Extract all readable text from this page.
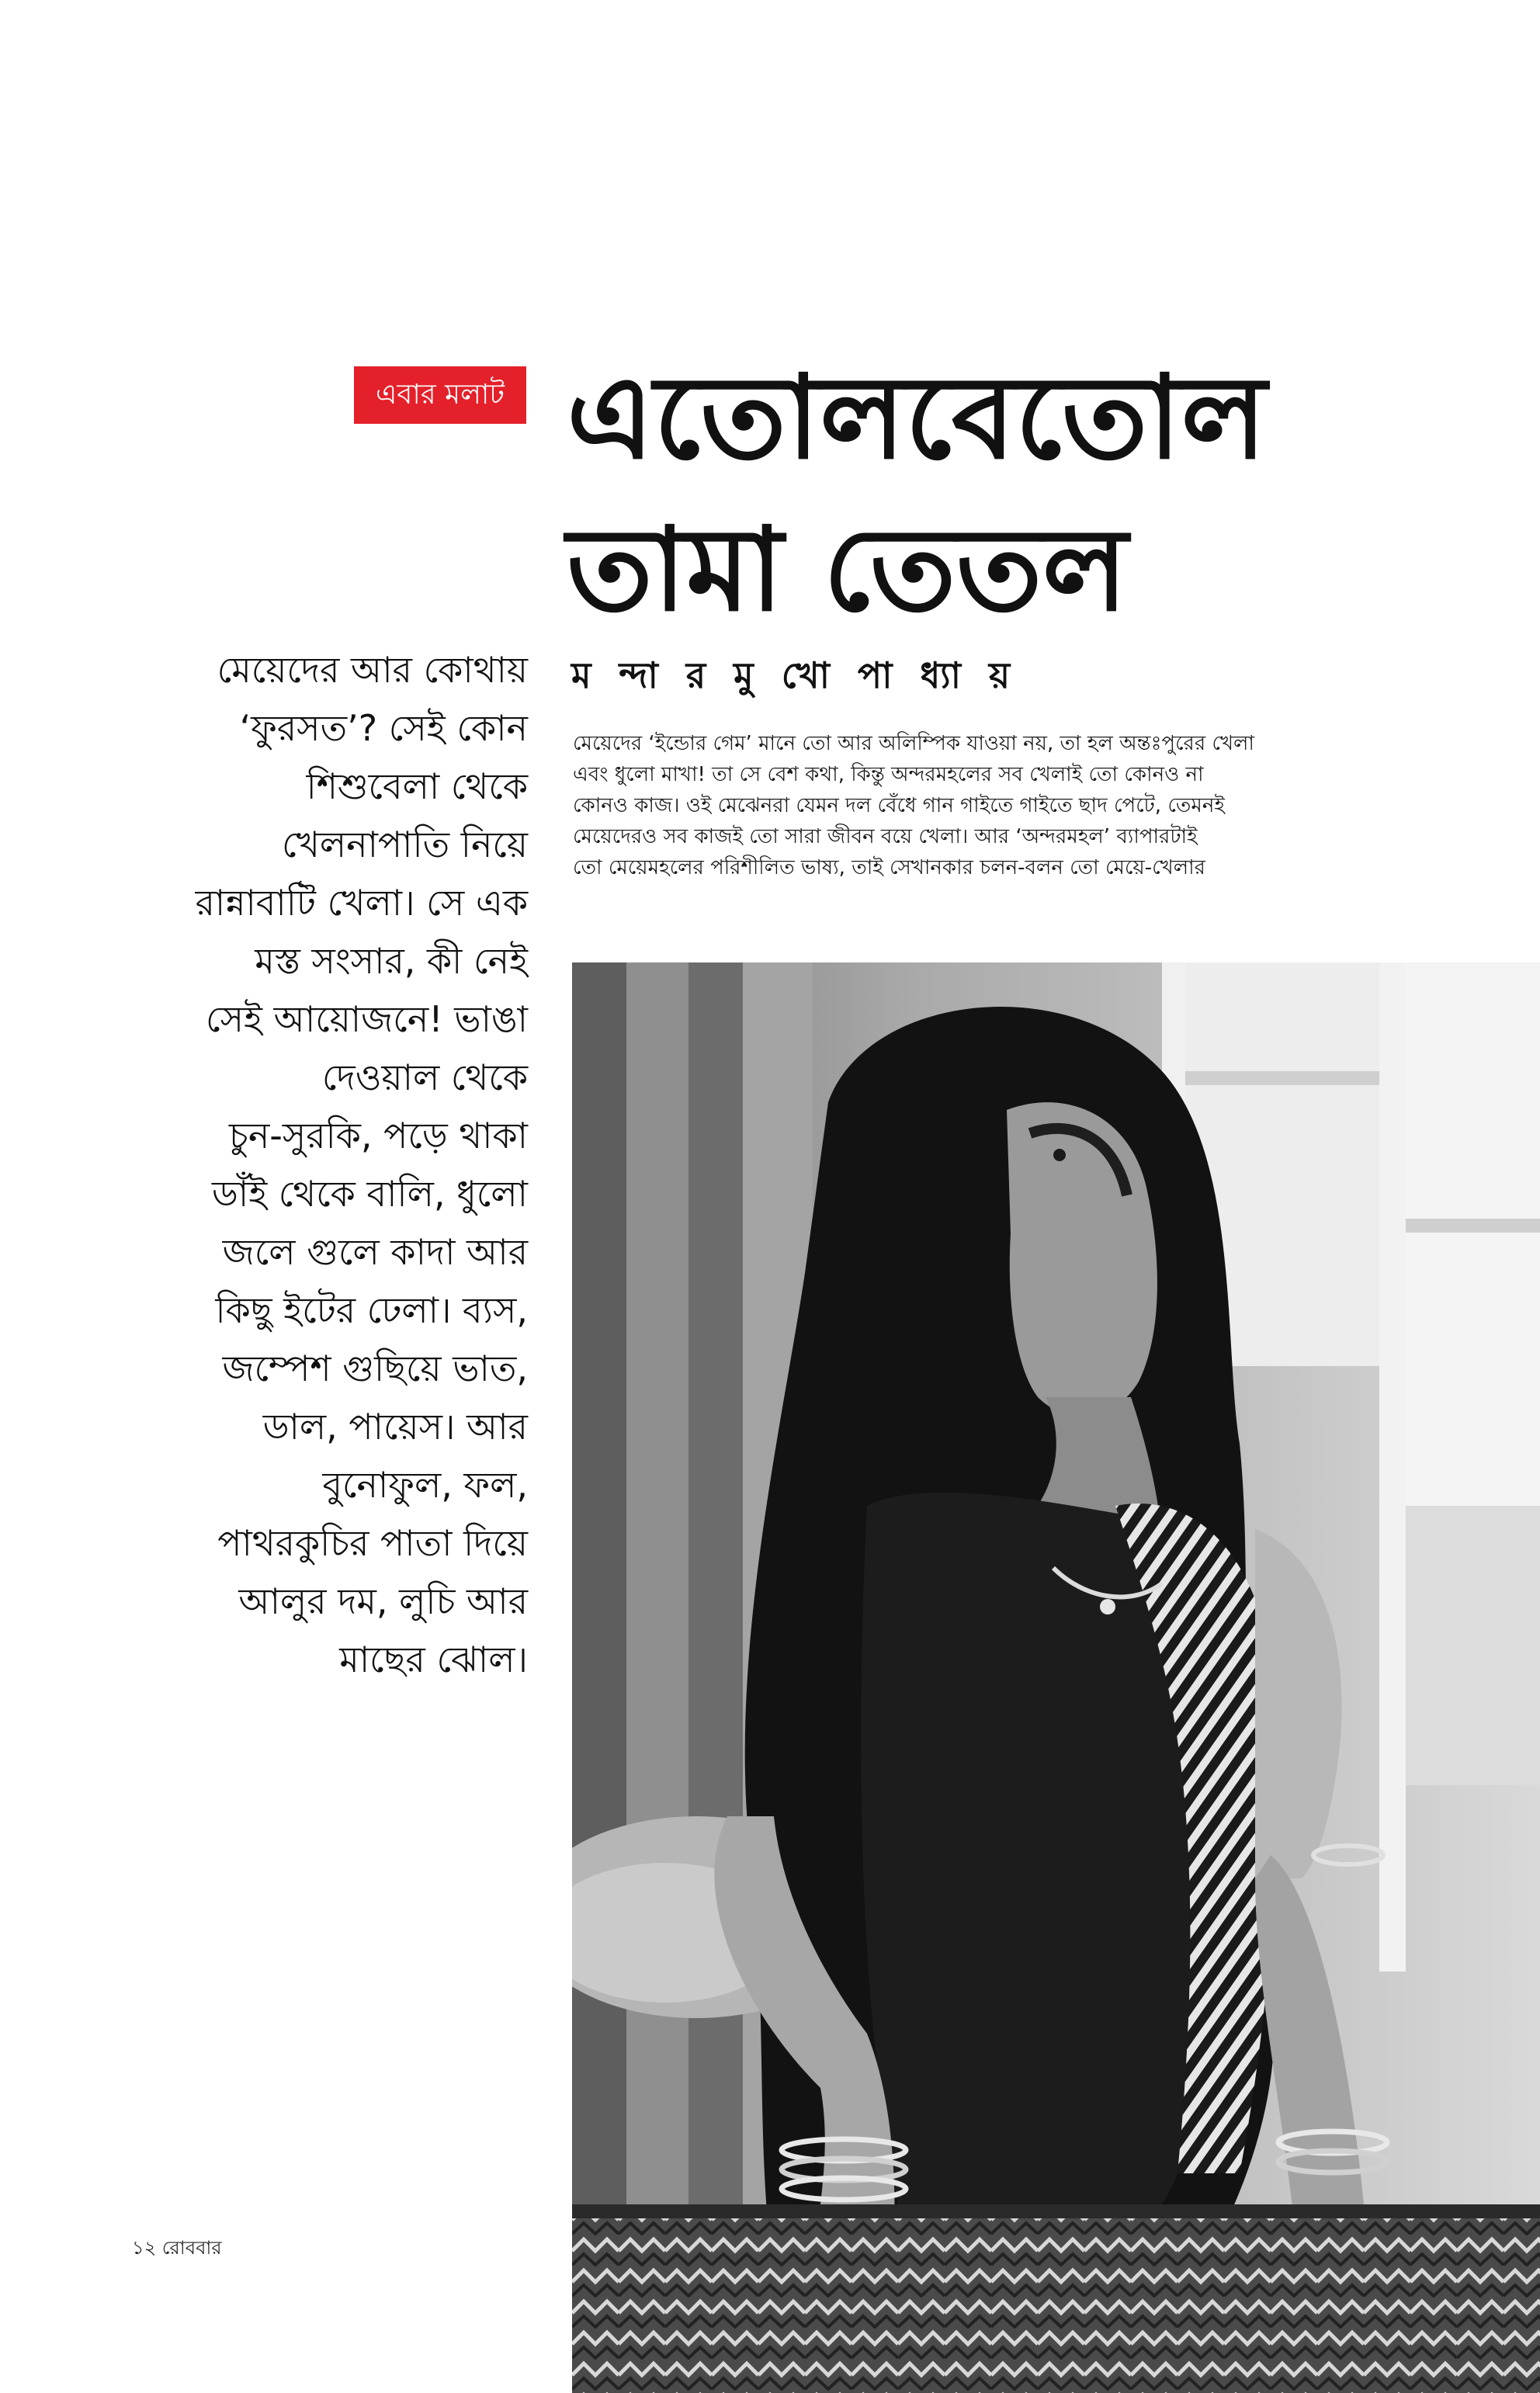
এবার মলাট এতোলবেতোল
তামা তেতল
মেয়েদের আর কোথায়
‘ফুরসত’? সেই কোন
শিশুবেলা থেকে
খেলনাপাতি নিয়ে
রান্নাবাটি খেলা। সে এক
মস্ত সংসার, কী নেই
সেই আয়োজনে! ভাঙা
দেওয়াল থেকে
চুন-সুরকি, পড়ে থাকা
ডাঁই থেকে বালি, ধুলো
জলে গুলে কাদা আর
কিছু ইটের ঢেলা। ব্যস,
জম্পেশ গুছিয়ে ভাত,
ডাল, পায়েস। আর
বুনোফুল, ফল,
পাথরকুচির পাতা দিয়ে
আলুর দম, লুচি আর
মাছের ঝোল।
ম ন্দা র মু খো পা ধ্যা য়
মেয়েদের ‘ইন্ডোর গেম’ মানে তো আর অলিম্পিক যাওয়া নয়, তা হল অন্তঃপুরের খেলা
এবং ধুলো মাখা! তা সে বেশ কথা, কিন্তু অন্দরমহলের সব খেলাই তো কোনও না
কোনও কাজ। ওই মেঝেনরা যেমন দল বেঁধে গান গাইতে গাইতে ছাদ পেটে, তেমনই
মেয়েদেরও সব কাজই তো সারা জীবন বয়ে খেলা। আর ‘অন্দরমহল’ ব্যাপারটাই
তো মেয়েমহলের পরিশীলিত ভাষ্য, তাই সেখানকার চলন-বলন তো মেয়ে-খেলার
১২ রোববার
